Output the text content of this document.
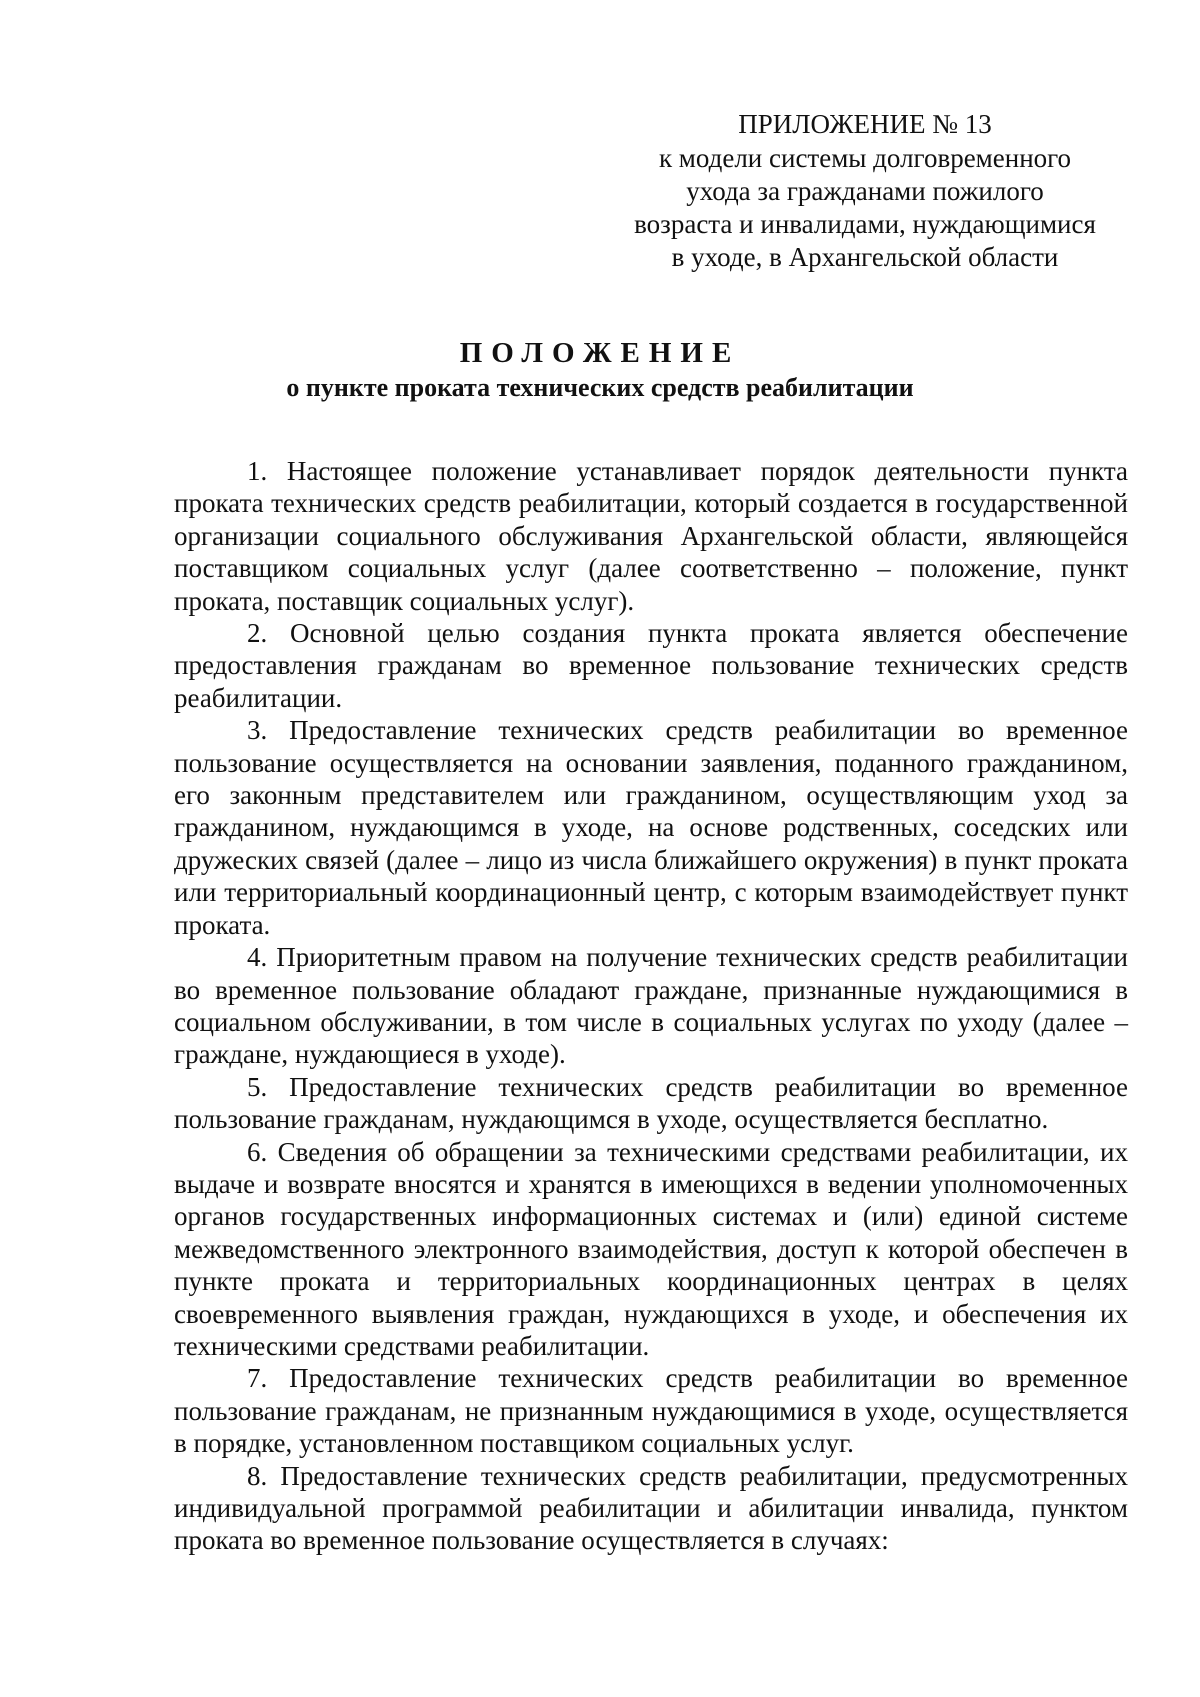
ПРИЛОЖЕНИЕ № 13
к модели системы долговременного
ухода за гражданами пожилого
возраста и инвалидами, нуждающимися
в уходе, в Архангельской области
ПОЛОЖЕНИЕ
о пункте проката технических средств реабилитации

1. Настоящее положение устанавливает порядок деятельности пункта проката технических средств реабилитации, который создается в государственной организации социального обслуживания Архангельской области, являющейся поставщиком социальных услуг (далее соответственно – положение, пункт проката, поставщик социальных услуг).

2. Основной целью создания пункта проката является обеспечение предоставления гражданам во временное пользование технических средств реабилитации.

3. Предоставление технических средств реабилитации во временное пользование осуществляется на основании заявления, поданного гражданином, его законным представителем или гражданином, осуществляющим уход за гражданином, нуждающимся в уходе, на основе родственных, соседских или дружеских связей (далее – лицо из числа ближайшего окружения) в пункт проката или территориальный координационный центр, с которым взаимодействует пункт проката.

4. Приоритетным правом на получение технических средств реабилитации во временное пользование обладают граждане, признанные нуждающимися в социальном обслуживании, в том числе в социальных услугах по уходу (далее – граждане, нуждающиеся в уходе).

5. Предоставление технических средств реабилитации во временное пользование гражданам, нуждающимся в уходе, осуществляется бесплатно.

6. Сведения об обращении за техническими средствами реабилитации, их выдаче и возврате вносятся и хранятся в имеющихся в ведении уполномоченных органов государственных информационных системах и (или) единой системе межведомственного электронного взаимодействия, доступ к которой обеспечен в пункте проката и территориальных координационных центрах в целях своевременного выявления граждан, нуждающихся в уходе, и обеспечения их техническими средствами реабилитации.

7. Предоставление технических средств реабилитации во временное пользование гражданам, не признанным нуждающимися в уходе, осуществляется в порядке, установленном поставщиком социальных услуг.

8. Предоставление технических средств реабилитации, предусмотренных индивидуальной программой реабилитации и абилитации инвалида, пунктом проката во временное пользование осуществляется в случаях:
